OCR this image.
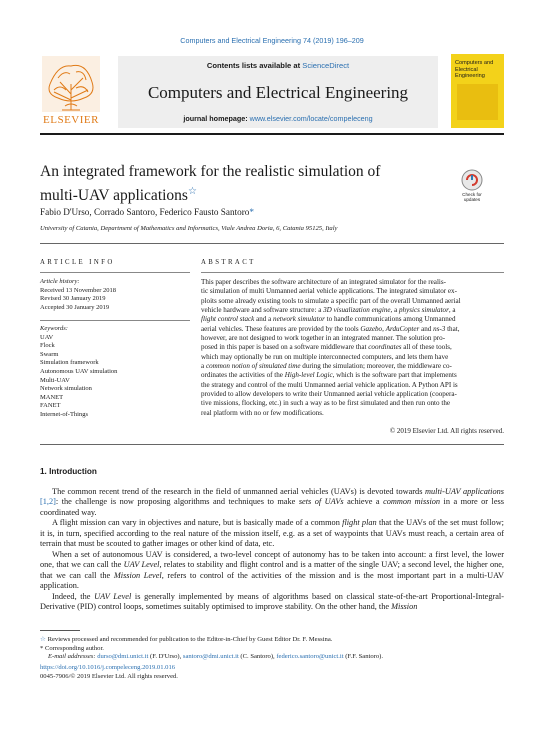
Computers and Electrical Engineering 74 (2019) 196–209
ELSEVIER
Contents lists available at ScienceDirect
Computers and Electrical Engineering
journal homepage: www.elsevier.com/locate/compeleceng
Computers and Electrical Engineering
An integrated framework for the realistic simulation of multi-UAV applications☆	Check for updates
Fabio D'Urso, Corrado Santoro, Federico Fausto Santoro*
University of Catania, Department of Mathematics and Informatics, Viale Andrea Doria, 6, Catania 95125, Italy
ARTICLE INFO
Article history:
Received 13 November 2018
Revised 30 January 2019
Accepted 30 January 2019
Keywords:
UAV
Flock
Swarm
Simulation framework
Autonomous UAV simulation
Multi-UAV
Network simulation
MANET
FANET
Internet-of-Things
ABSTRACT
This paper describes the software architecture of an integrated simulator for the realis-
tic simulation of multi Unmanned aerial vehicle applications. The integrated simulator ex-
ploits some already existing tools to simulate a specific part of the overall Unmanned aerial
vehicle hardware and software structure: a 3D visualization engine, a physics simulator, a
flight control stack and a network simulator to handle communications among Unmanned
aerial vehicles. These features are provided by the tools Gazebo, ArduCopter and ns-3 that,
however, are not designed to work together in an integrated manner. The solution pro-
posed in this paper is based on a software middleware that coordinates all of these tools,
which may optionally be run on multiple interconnected computers, and lets them have
a common notion of simulated time during the simulation; moreover, the middleware co-
ordinates the activities of the High-level Logic, which is the software part that implements
the strategy and control of the multi Unmanned aerial vehicle application. A Python API is
provided to allow developers to write their Unmanned aerial vehicle application (coopera-
tive missions, flocking, etc.) in such a way as to be first simulated and then run onto the
real platform with no or few modifications.
© 2019 Elsevier Ltd. All rights reserved.
1. Introduction

The common recent trend of the research in the field of unmanned aerial vehicles (UAVs) is devoted towards multi-UAV applications [1,2]: the challenge is now proposing algorithms and techniques to make sets of UAVs achieve a common mission in a more or less coordinated way.

A flight mission can vary in objectives and nature, but is basically made of a common flight plan that the UAVs of the set must follow; it is, in turn, specified according to the real nature of the mission itself, e.g. as a set of waypoints that UAVs must reach, a certain area of terrain that must be scouted to gather images or other kind of data, etc.

When a set of autonomous UAV is considered, a two-level concept of autonomy has to be taken into account: a first level, the lower one, that we can call the UAV Level, relates to stability and flight control and is a matter of the single UAV; a second level, the higher one, that we can call the Mission Level, refers to control of the activities of the mission and is the most important part in a multi-UAV application.

Indeed, the UAV Level is generally implemented by means of algorithms based on classical state-of-the-art Proportional-Integral-Derivative (PID) control loops, sometimes suitably optimised to improve stability. On the other hand, the Mission

☆ Reviews processed and recommended for publication to the Editor-in-Chief by Guest Editor Dr. F. Messina.
* Corresponding author.
E-mail addresses: durso@dmi.unict.it (F. D'Urso), santoro@dmi.unict.it (C. Santoro), federico.santoro@unict.it (F.F. Santoro).
https://doi.org/10.1016/j.compeleceng.2019.01.016
0045-7906/© 2019 Elsevier Ltd. All rights reserved.
